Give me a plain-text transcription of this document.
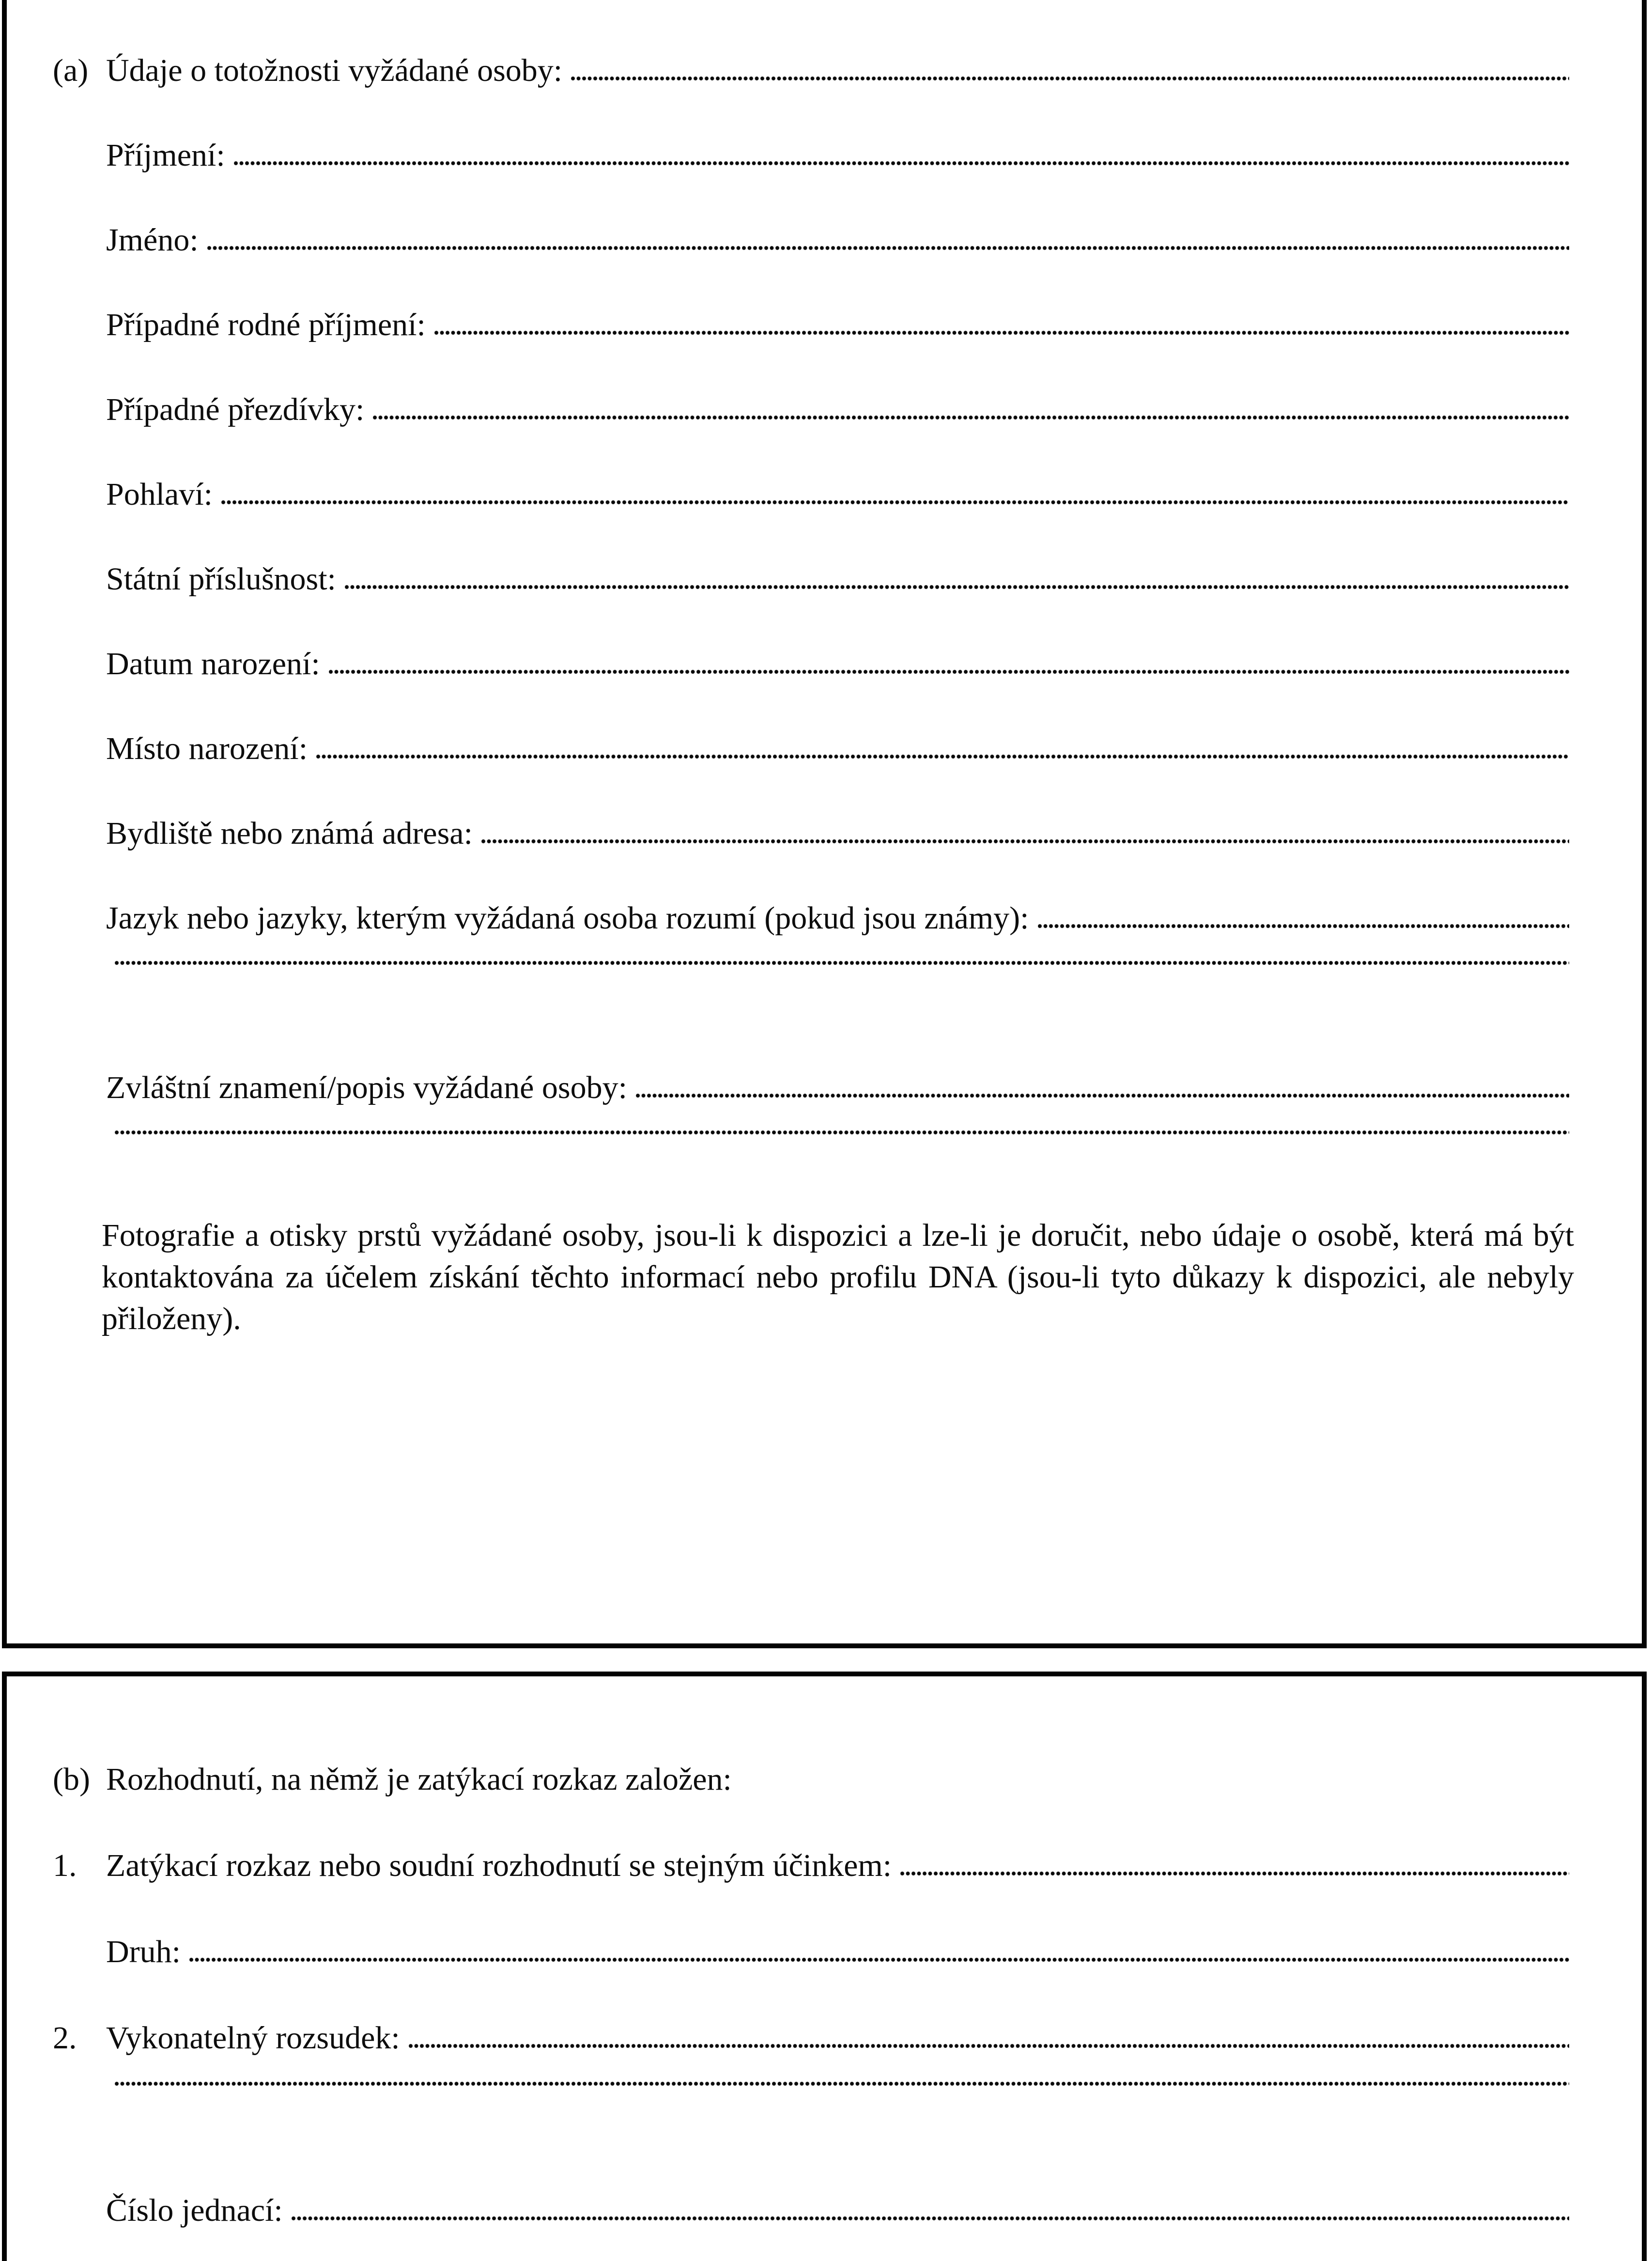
(a) Údaje o totožnosti vyžádané osoby:
Příjmení:
Jméno:
Případné rodné příjmení:
Případné přezdívky:
Pohlaví:
Státní příslušnost:
Datum narození:
Místo narození:
Bydliště nebo známá adresa:
Jazyk nebo jazyky, kterým vyžádaná osoba rozumí (pokud jsou známy):
Zvláštní znamení/popis vyžádané osoby:

Fotografie a otisky prstů vyžádané osoby, jsou-li k dispozici a lze-li je doručit, nebo údaje o osobě, která má být kontaktována za účelem získání těchto informací nebo profilu DNA (jsou-li tyto důkazy k dispozici, ale nebyly přiloženy).

(b) Rozhodnutí, na němž je zatýkací rozkaz založen:
1. Zatýkací rozkaz nebo soudní rozhodnutí se stejným účinkem:
Druh:
2. Vykonatelný rozsudek:
Číslo jednací:
